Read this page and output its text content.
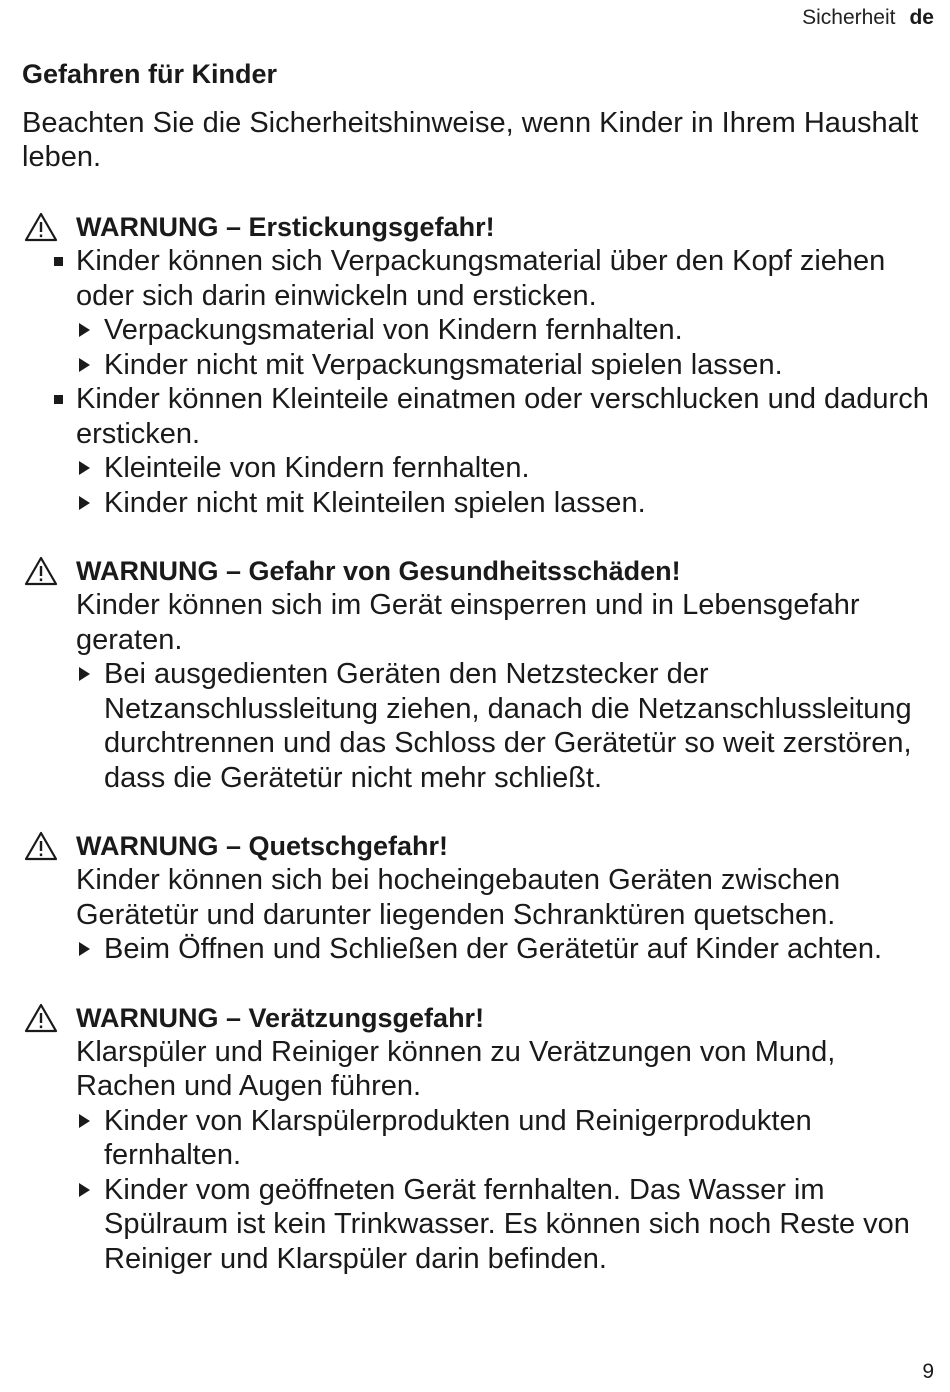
Sicherheit de
Gefahren für Kinder

Beachten Sie die Sicherheitshinweise, wenn Kinder in Ihrem Haushalt leben.

WARNUNG – Erstickungsgefahr!
Kinder können sich Verpackungsmaterial über den Kopf ziehen oder sich darin einwickeln und ersticken.
Verpackungsmaterial von Kindern fernhalten.
Kinder nicht mit Verpackungsmaterial spielen lassen.
Kinder können Kleinteile einatmen oder verschlucken und dadurch ersticken.
Kleinteile von Kindern fernhalten.
Kinder nicht mit Kleinteilen spielen lassen.
WARNUNG – Gefahr von Gesundheitsschäden!
Kinder können sich im Gerät einsperren und in Lebensgefahr geraten.
Bei ausgedienten Geräten den Netzstecker der Netzanschlussleitung ziehen, danach die Netzanschlussleitung durchtrennen und das Schloss der Gerätetür so weit zerstören, dass die Gerätetür nicht mehr schließt.
WARNUNG – Quetschgefahr!
Kinder können sich bei hocheingebauten Geräten zwischen Gerätetür und darunter liegenden Schranktüren quetschen.
Beim Öffnen und Schließen der Gerätetür auf Kinder achten.
WARNUNG – Verätzungsgefahr!
Klarspüler und Reiniger können zu Verätzungen von Mund, Rachen und Augen führen.
Kinder von Klarspülerprodukten und Reinigerprodukten fernhalten.
Kinder vom geöffneten Gerät fernhalten. Das Wasser im Spülraum ist kein Trinkwasser. Es können sich noch Reste von Reiniger und Klarspüler darin befinden.
9
